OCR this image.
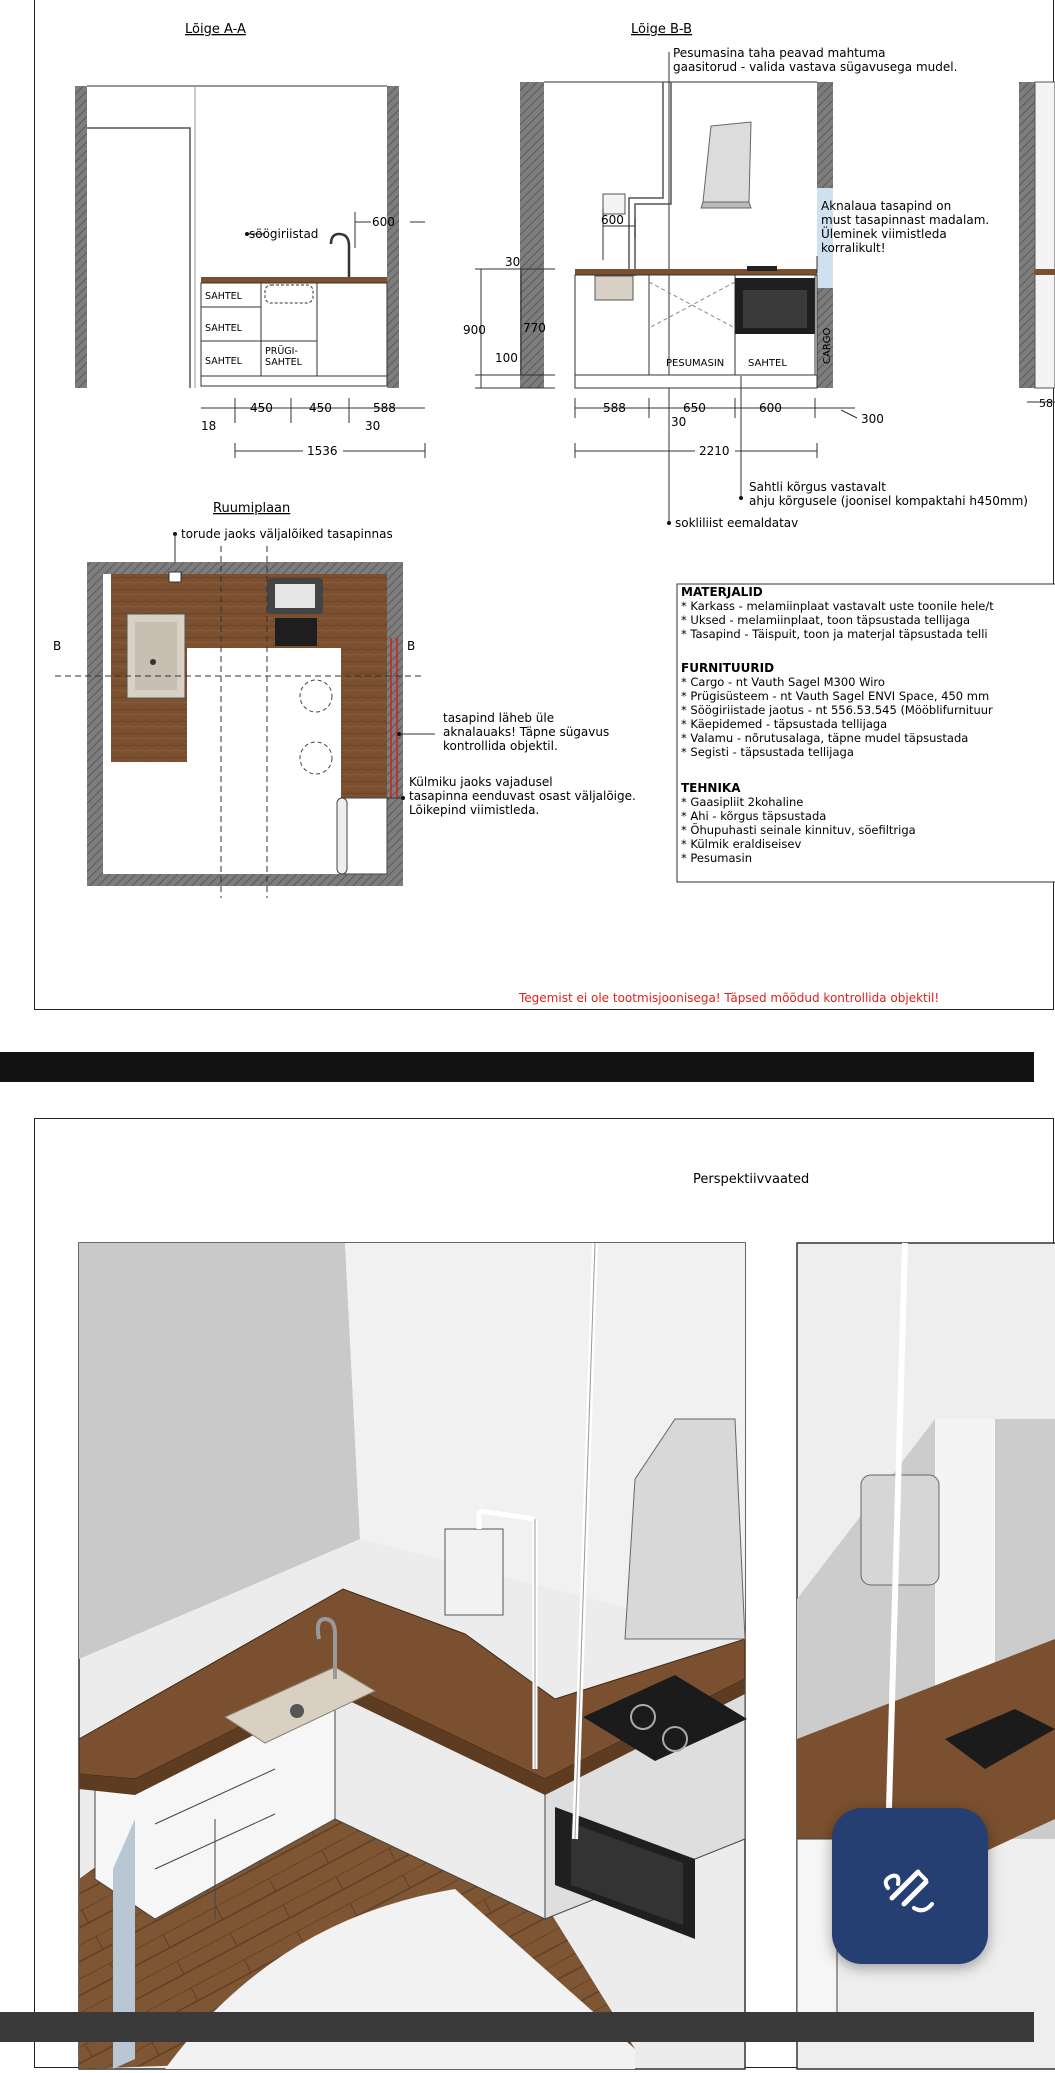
Lõige A-A
SAHTEL
SAHTEL
SAHTEL
PRÜGI-
SAHTEL
söögiriistad
600
450	450	588
18	30
1536
Lõige B-B
Pesumasina taha peavad mahtuma
gaasitorud - valida vastava sügavusega mudel.
PESUMASIN SAHTEL	CARGO
Aknalaua tasapind on
must tasapinnast madalam.
Üleminek viimistleda
korralikult!
600
30
900	770
100
588	650	600
30	300
2210
Sahtli kõrgus vastavalt
ahju kõrgusele (joonisel kompaktahi h450mm)
sokliliist eemaldatav
58
Ruumiplaan
torude jaoks väljalõiked tasapinnas
B	B
tasapind läheb üle
aknalauaks! Täpne sügavus
kontrollida objektil.
Külmiku jaoks vajadusel
tasapinna eenduvast osast väljalõige.
Lõikepind viimistleda.
MATERJALID
* Karkass - melamiinplaat vastavalt uste toonile hele/t
* Uksed - melamiinplaat, toon täpsustada tellijaga
* Tasapind - Täispuit, toon ja materjal täpsustada telli
FURNITUURID
* Cargo - nt Vauth Sagel M300 Wiro
* Prügisüsteem - nt Vauth Sagel ENVI Space, 450 mm
* Söögiriistade jaotus - nt 556.53.545 (Mööblifurnituur
* Käepidemed - täpsustada tellijaga
* Valamu - nõrutusalaga, täpne mudel täpsustada
* Segisti - täpsustada tellijaga
TEHNIKA
* Gaasipliit 2kohaline
* Ahi - kõrgus täpsustada
* Õhupuhasti seinale kinnituv, söefiltriga
* Külmik eraldiseisev
* Pesumasin
Tegemist ei ole tootmisjoonisega! Täpsed mõõdud kontrollida objektil!
Perspektiivvaated
